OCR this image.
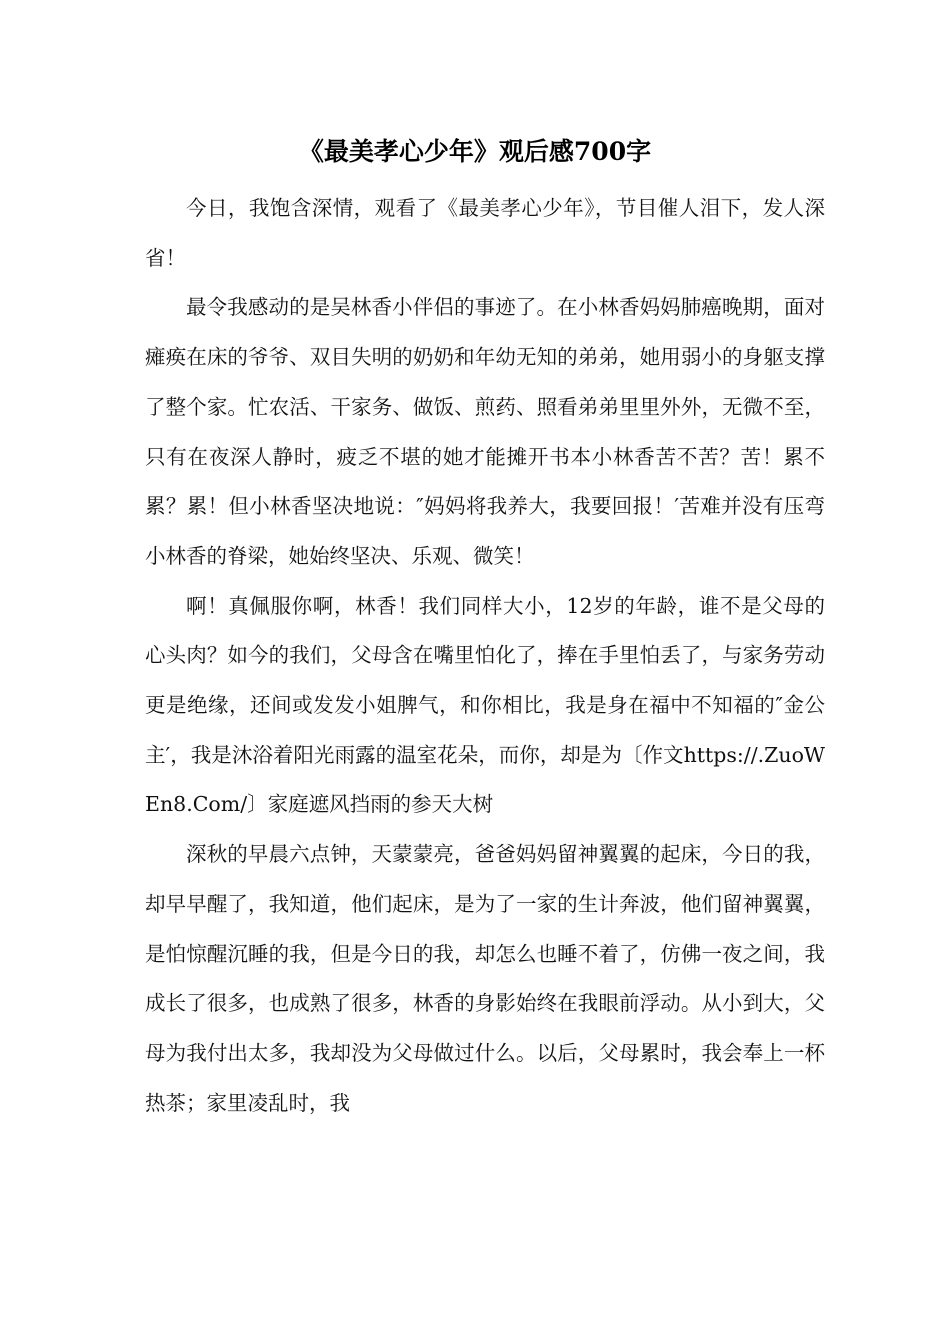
《最美孝心少年》观后感700字

今日，我饱含深情，观看了《最美孝心少年》，节目催人泪下，发人深省！

最令我感动的是吴林香小伴侣的事迹了。在小林香妈妈肺癌晚期，面对瘫痪在床的爷爷、双目失明的奶奶和年幼无知的弟弟，她用弱小的身躯支撑了整个家。忙农活、干家务、做饭、煎药、照看弟弟里里外外，无微不至，只有在夜深人静时，疲乏不堪的她才能摊开书本小林香苦不苦？苦！累不累？累！但小林香坚决地说：″妈妈将我养大，我要回报！′苦难并没有压弯小林香的脊梁，她始终坚决、乐观、微笑！

啊！真佩服你啊，林香！我们同样大小，12岁的年龄，谁不是父母的心头肉？如今的我们，父母含在嘴里怕化了，捧在手里怕丢了，与家务劳动更是绝缘，还间或发发小姐脾气，和你相比，我是身在福中不知福的″金公主′，我是沐浴着阳光雨露的温室花朵，而你，却是为〔作文https://.ZuoWEn8.Com/〕家庭遮风挡雨的参天大树

深秋的早晨六点钟，天蒙蒙亮，爸爸妈妈留神翼翼的起床，今日的我，却早早醒了，我知道，他们起床，是为了一家的生计奔波，他们留神翼翼，是怕惊醒沉睡的我，但是今日的我，却怎么也睡不着了，仿佛一夜之间，我成长了很多，也成熟了很多，林香的身影始终在我眼前浮动。从小到大，父母为我付出太多，我却没为父母做过什么。以后，父母累时，我会奉上一杯热茶；家里凌乱时，我
